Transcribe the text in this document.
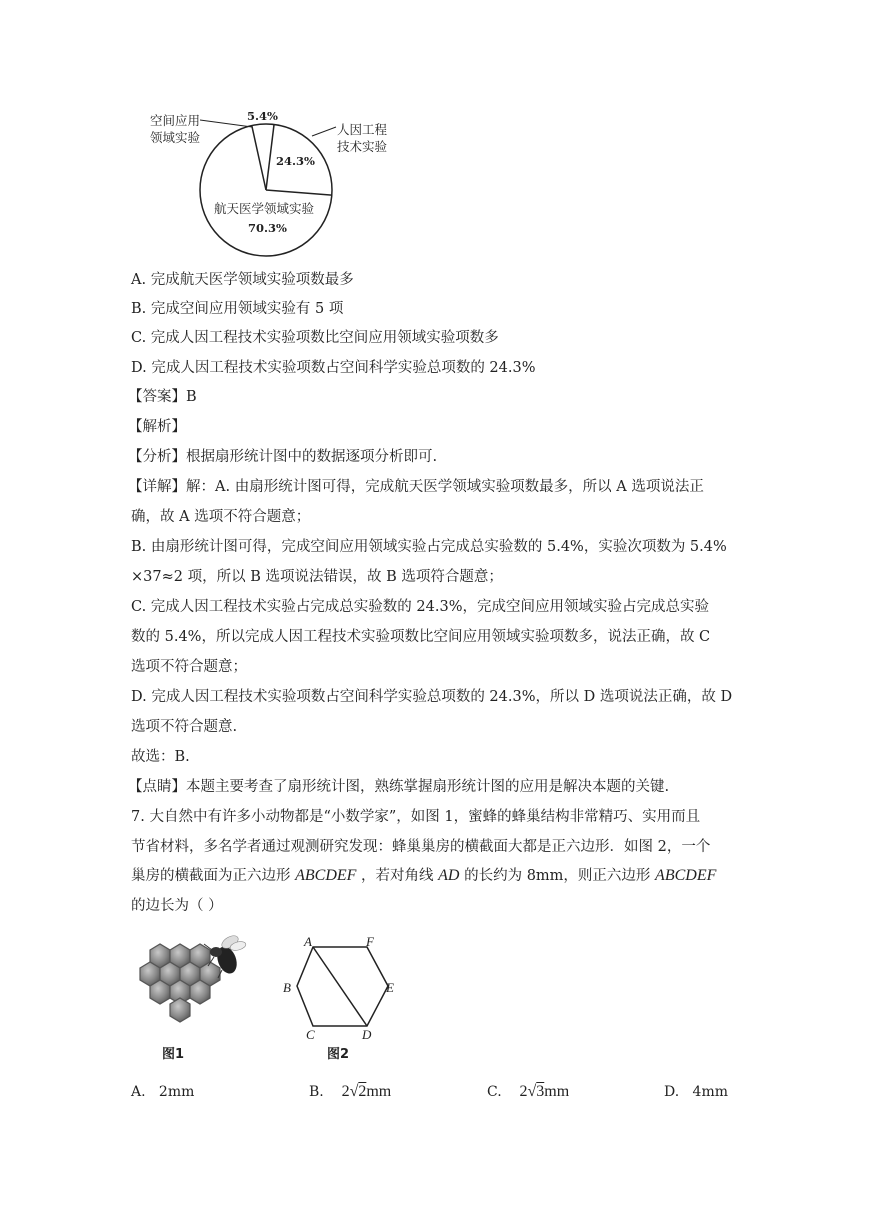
空间应用
领域实验
5.4%
人因工程
技术实验
24.3%
航天医学领域实验
70.3%
A. 完成航天医学领域实验项数最多
B. 完成空间应用领域实验有 5 项
C. 完成人因工程技术实验项数比空间应用领域实验项数多
D. 完成人因工程技术实验项数占空间科学实验总项数的 24.3%
【答案】B
【解析】
【分析】根据扇形统计图中的数据逐项分析即可.
【详解】解：A. 由扇形统计图可得，完成航天医学领域实验项数最多，所以 A 选项说法正
确，故 A 选项不符合题意；
B. 由扇形统计图可得，完成空间应用领域实验占完成总实验数的 5.4%，实验次项数为 5.4%
×37≈2 项，所以 B 选项说法错误，故 B 选项符合题意；
C. 完成人因工程技术实验占完成总实验数的 24.3%，完成空间应用领域实验占完成总实验
数的 5.4%，所以完成人因工程技术实验项数比空间应用领域实验项数多，说法正确，故 C
选项不符合题意；
D. 完成人因工程技术实验项数占空间科学实验总项数的 24.3%，所以 D 选项说法正确，故 D
选项不符合题意.
故选：B.
【点睛】本题主要考查了扇形统计图，熟练掌握扇形统计图的应用是解决本题的关键.
7. 大自然中有许多小动物都是“小数学家”，如图 1，蜜蜂的蜂巢结构非常精巧、实用而且
节省材料，多名学者通过观测研究发现：蜂巢巢房的横截面大都是正六边形．如图 2，一个
巢房的横截面为正六边形 ABCDEF ，若对角线 AD 的长约为 8mm，则正六边形 ABCDEF
的边长为（ ）
图1
A	F
B	E
C	D
图2
A. 2mm	B. 2√2mm	C. 2√3mm	D. 4mm
